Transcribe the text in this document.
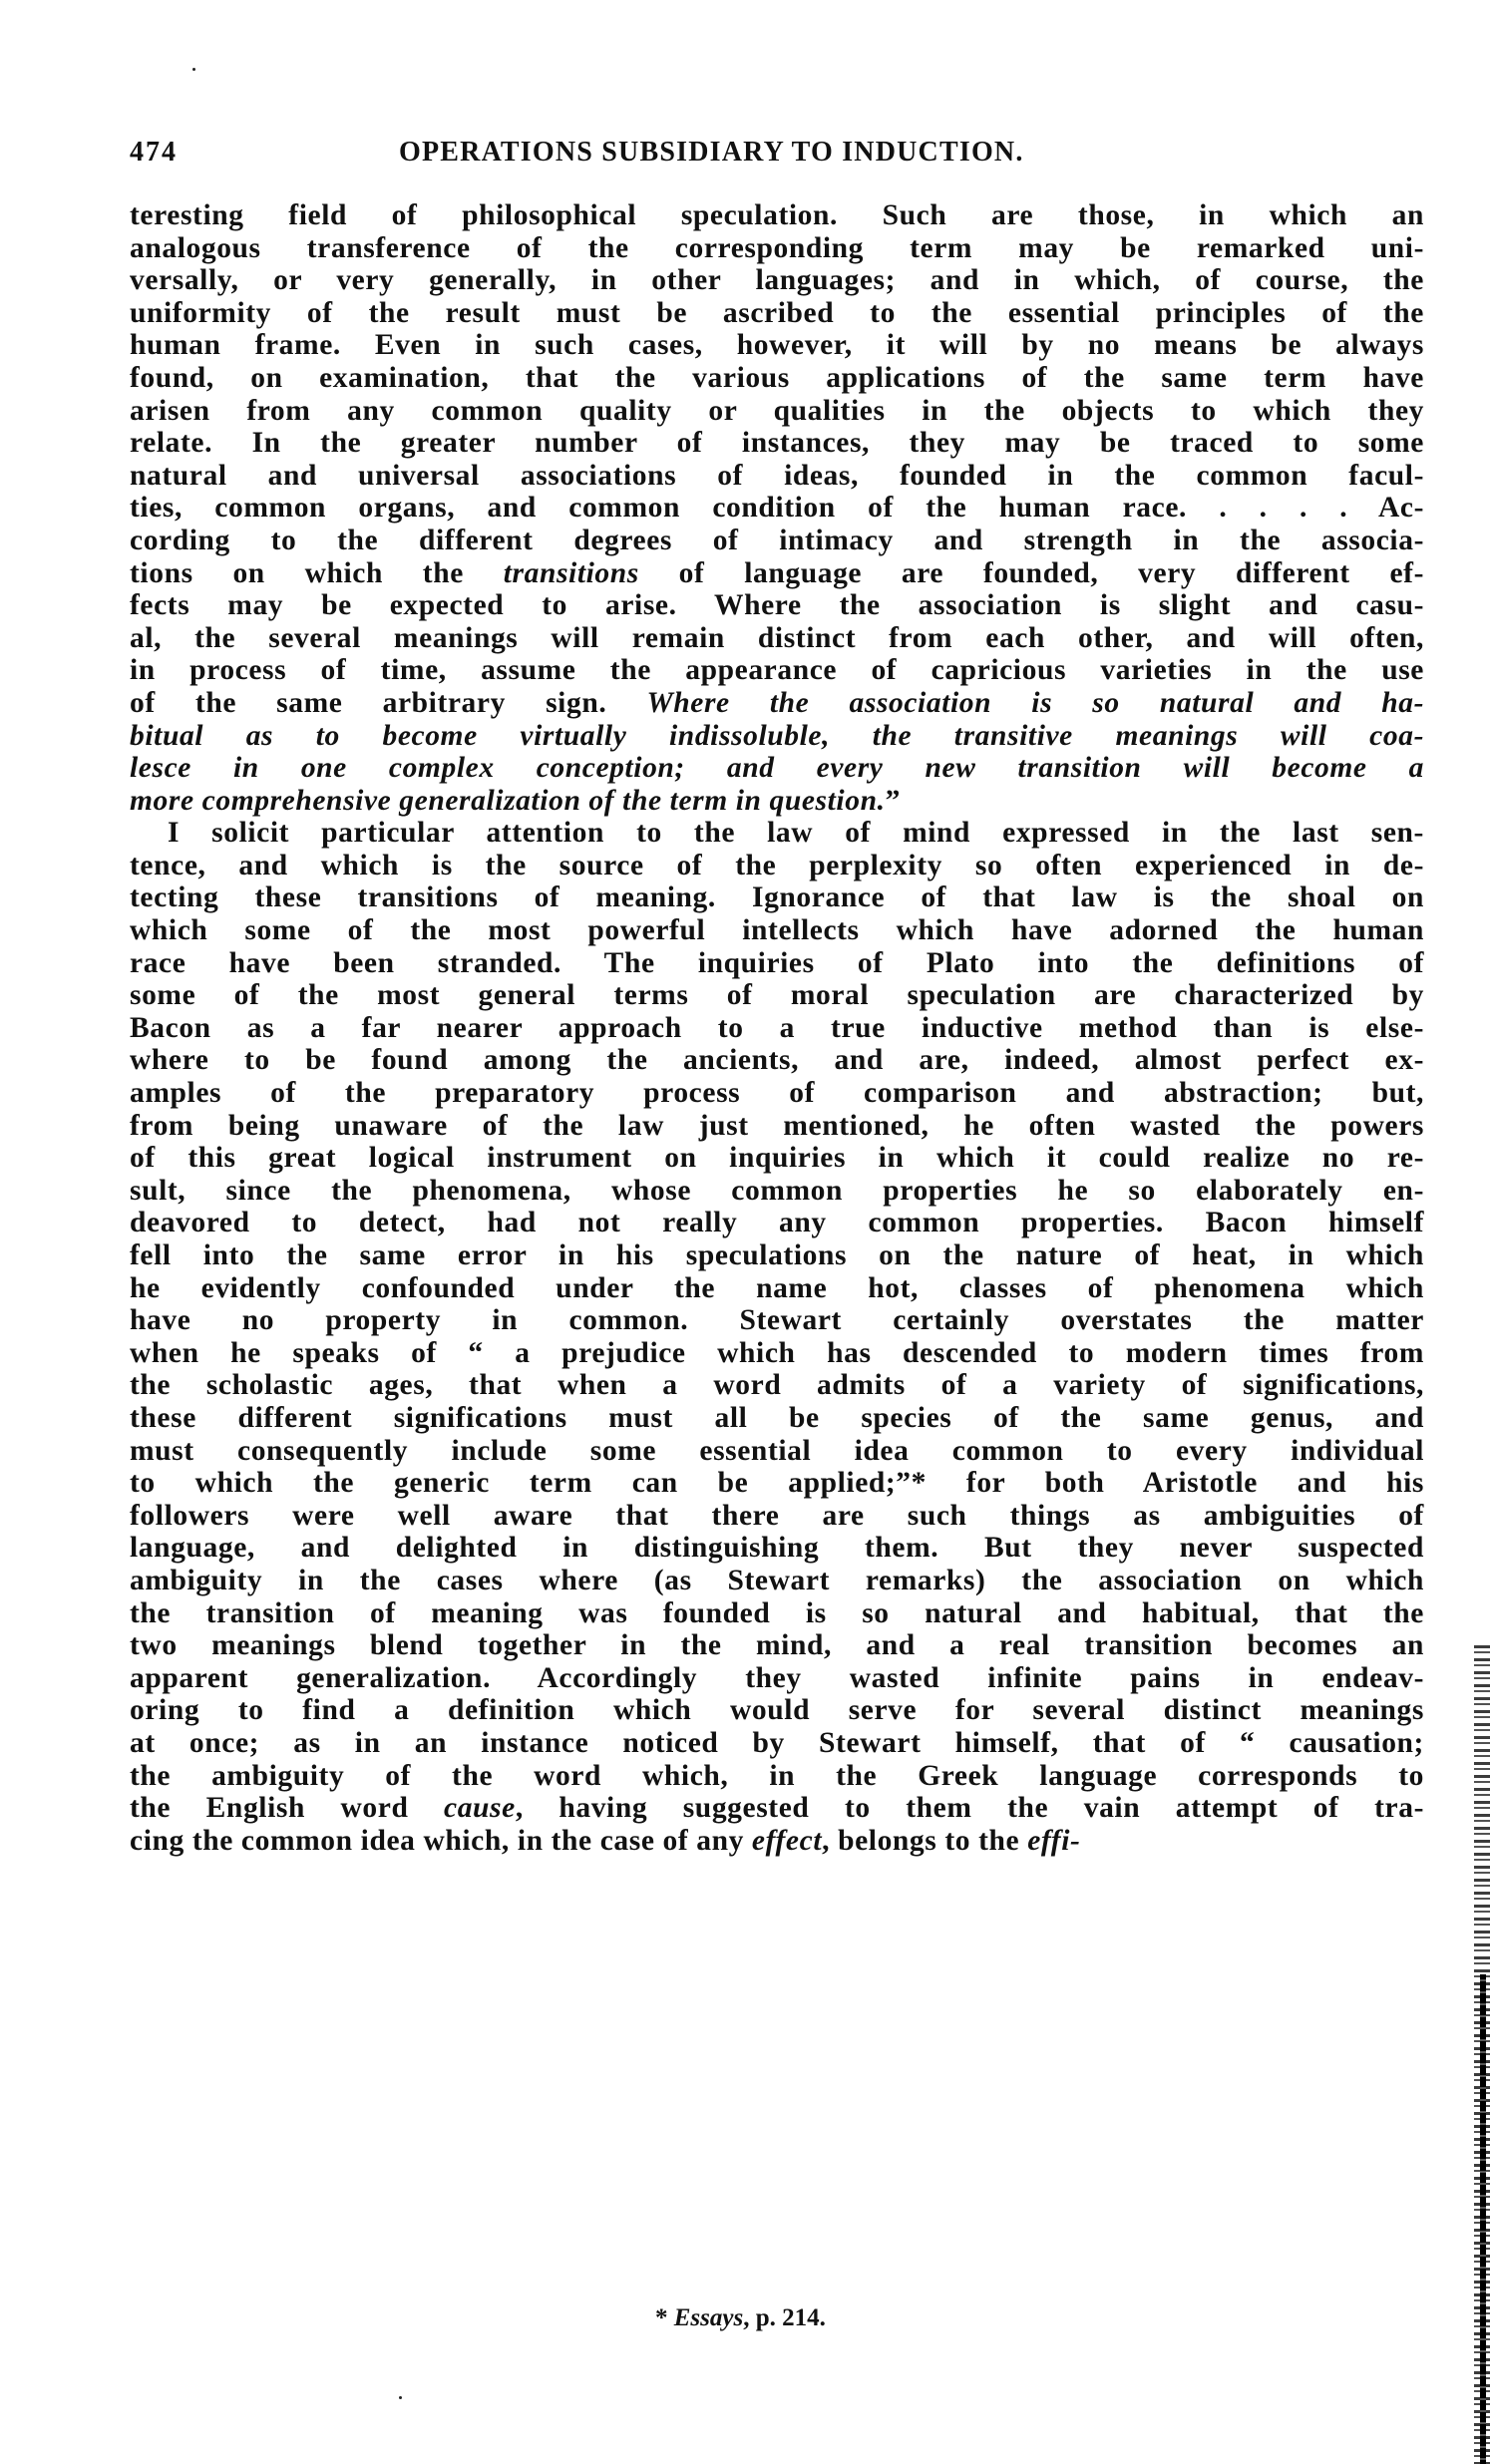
474	OPERATIONS SUBSIDIARY TO INDUCTION.
teresting field of philosophical speculation. Such are those, in which an
analogous transference of the corresponding term may be remarked uni-
versally, or very generally, in other languages; and in which, of course, the
uniformity of the result must be ascribed to the essential principles of the
human frame. Even in such cases, however, it will by no means be always
found, on examination, that the various applications of the same term have
arisen from any common quality or qualities in the objects to which they
relate. In the greater number of instances, they may be traced to some
natural and universal associations of ideas, founded in the common facul-
ties, common organs, and common condition of the human race. . . . . Ac-
cording to the different degrees of intimacy and strength in the associa-
tions on which the transitions of language are founded, very different ef-
fects may be expected to arise. Where the association is slight and casu-
al, the several meanings will remain distinct from each other, and will often,
in process of time, assume the appearance of capricious varieties in the use
of the same arbitrary sign. Where the association is so natural and ha-
bitual as to become virtually indissoluble, the transitive meanings will coa-
lesce in one complex conception; and every new transition will become a
more comprehensive generalization of the term in question.”
I solicit particular attention to the law of mind expressed in the last sen-
tence, and which is the source of the perplexity so often experienced in de-
tecting these transitions of meaning. Ignorance of that law is the shoal on
which some of the most powerful intellects which have adorned the human
race have been stranded. The inquiries of Plato into the definitions of
some of the most general terms of moral speculation are characterized by
Bacon as a far nearer approach to a true inductive method than is else-
where to be found among the ancients, and are, indeed, almost perfect ex-
amples of the preparatory process of comparison and abstraction; but,
from being unaware of the law just mentioned, he often wasted the powers
of this great logical instrument on inquiries in which it could realize no re-
sult, since the phenomena, whose common properties he so elaborately en-
deavored to detect, had not really any common properties. Bacon himself
fell into the same error in his speculations on the nature of heat, in which
he evidently confounded under the name hot, classes of phenomena which
have no property in common. Stewart certainly overstates the matter
when he speaks of “ a prejudice which has descended to modern times from
the scholastic ages, that when a word admits of a variety of significations,
these different significations must all be species of the same genus, and
must consequently include some essential idea common to every individual
to which the generic term can be applied;”* for both Aristotle and his
followers were well aware that there are such things as ambiguities of
language, and delighted in distinguishing them. But they never suspected
ambiguity in the cases where (as Stewart remarks) the association on which
the transition of meaning was founded is so natural and habitual, that the
two meanings blend together in the mind, and a real transition becomes an
apparent generalization. Accordingly they wasted infinite pains in endeav-
oring to find a definition which would serve for several distinct meanings
at once; as in an instance noticed by Stewart himself, that of “ causation;
the ambiguity of the word which, in the Greek language corresponds to
the English word cause, having suggested to them the vain attempt of tra-
cing the common idea which, in the case of any effect, belongs to the effi-
* Essays, p. 214.
